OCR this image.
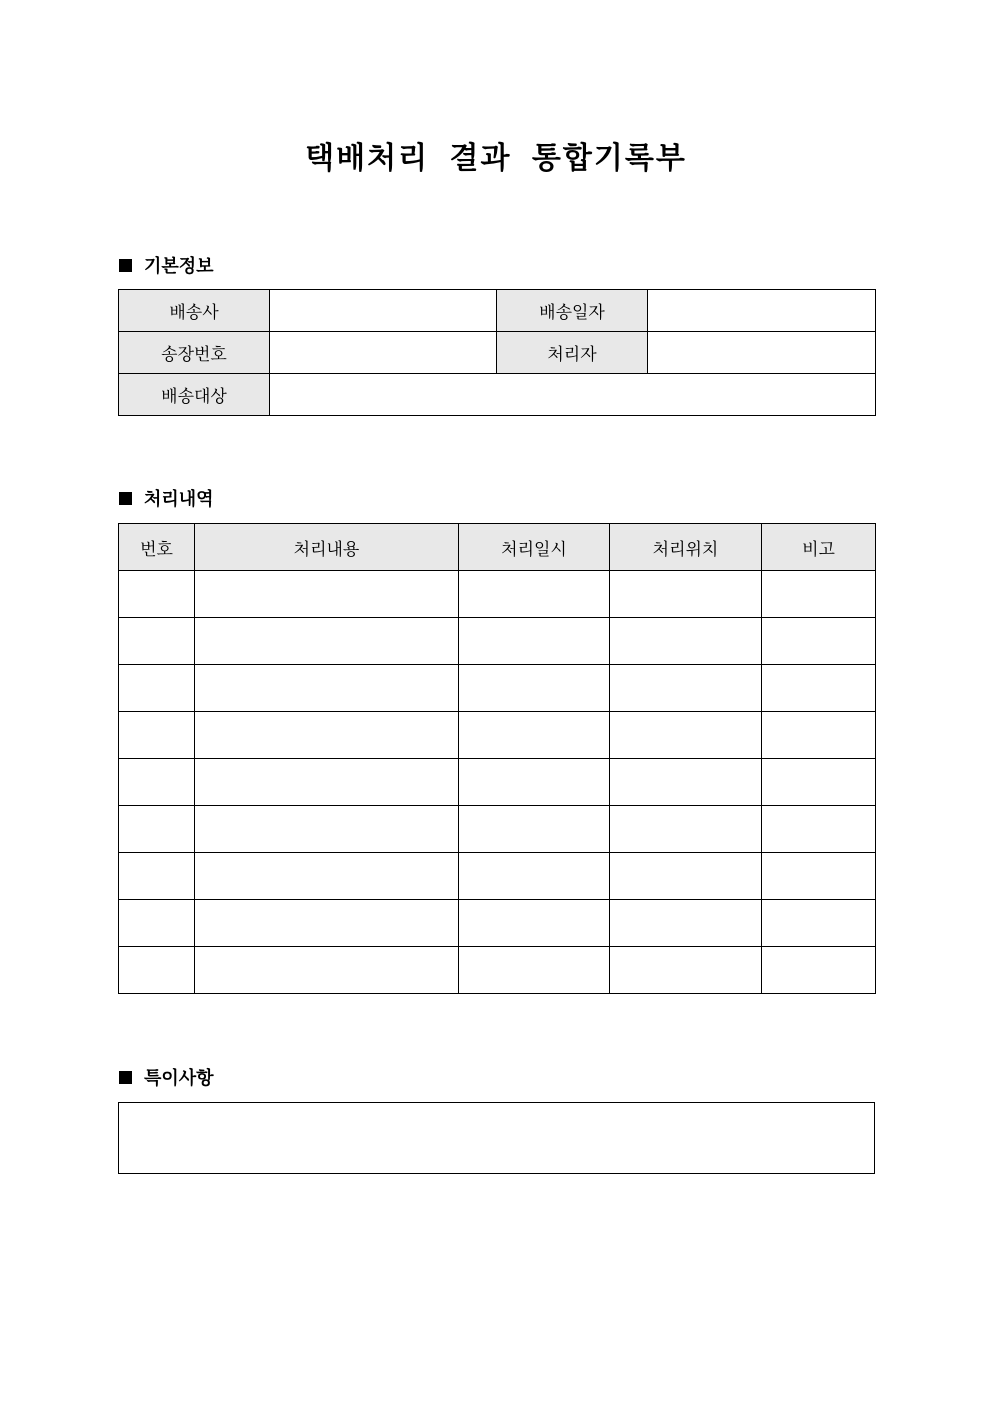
택배처리 결과 통합기록부
기본정보
배송사		배송일자	
송장번호		처리자	
배송대상			
처리내역
번호	처리내용	처리일시	처리위치	비고

특이사항
